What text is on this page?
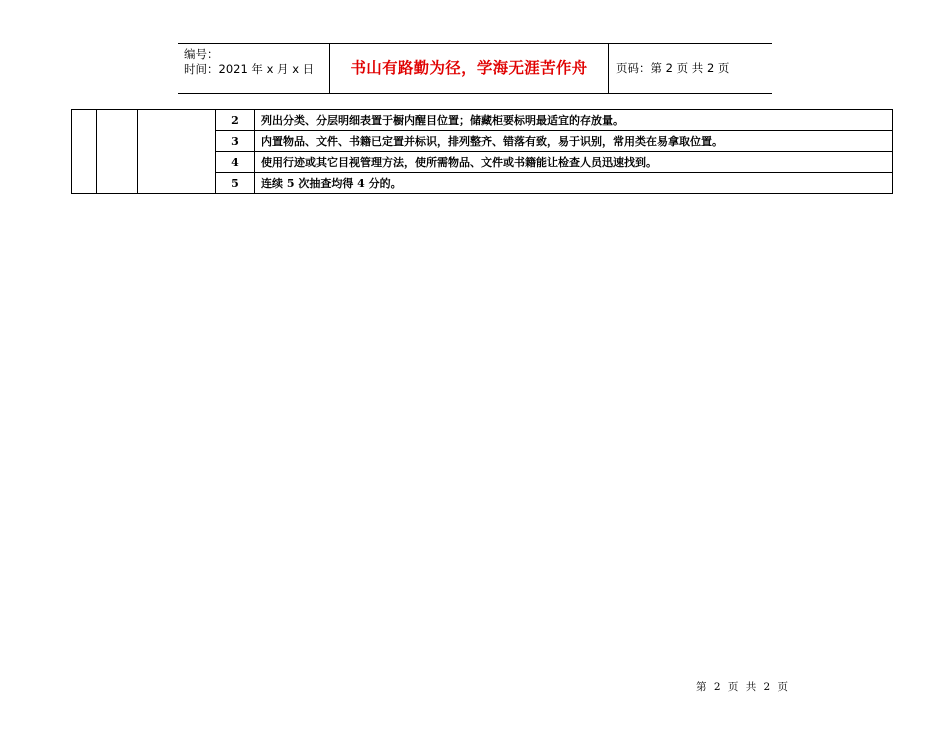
编号：
时间：2021 年 x 月 x 日	书山有路勤为径，学海无涯苦作舟	页码：第 2 页 共 2 页
			2	列出分类、分层明细表置于橱内醒目位置；储藏柜要标明最适宜的存放量。
			3	内置物品、文件、书籍已定置并标识，排列整齐、错落有致，易于识别，常用类在易拿取位置。
			4	使用行迹或其它目视管理方法，使所需物品、文件或书籍能让检查人员迅速找到。
			5	连续 5 次抽查均得 4 分的。
第 2 页 共 2 页
